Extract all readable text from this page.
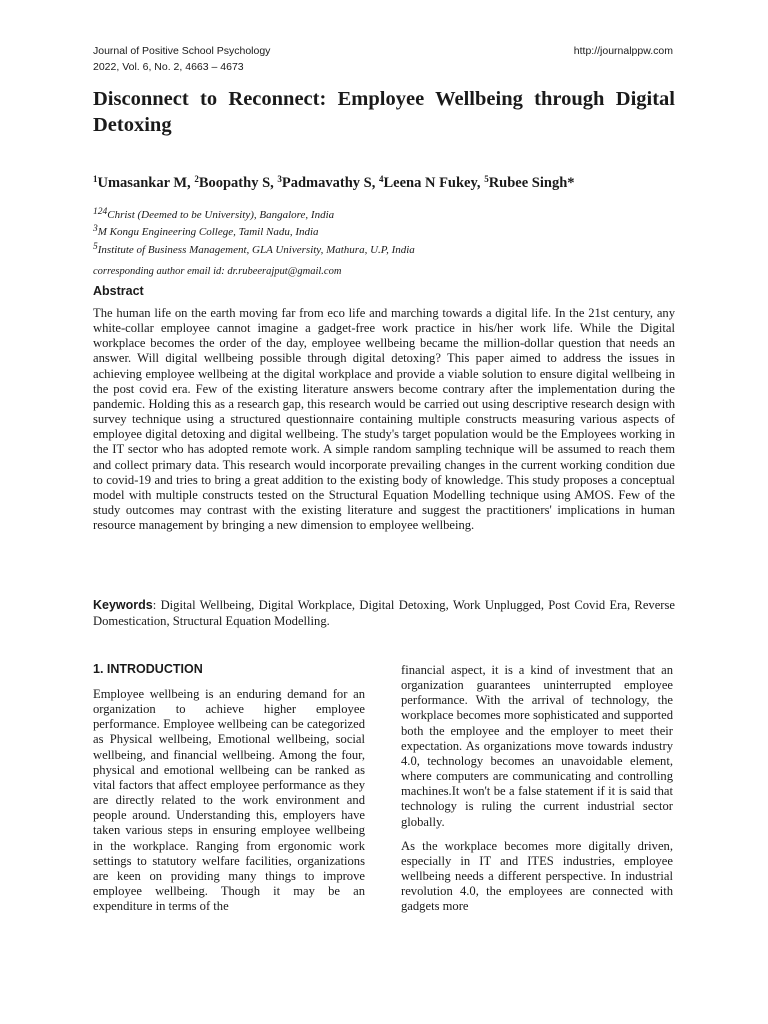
Journal of Positive School Psychology
2022, Vol. 6, No. 2, 4663 – 4673
http://journalppw.com
Disconnect to Reconnect: Employee Wellbeing through Digital Detoxing
$^1$Umasankar M, $^2$Boopathy S, $^3$Padmavathy S, $^4$Leena N Fukey, $^5$Rubee Singh*
$^{124}$Christ (Deemed to be University), Bangalore, India
$^3$M Kongu Engineering College, Tamil Nadu, India
$^5$Institute of Business Management, GLA University, Mathura, U.P, India
corresponding author email id: dr.rubeerajput@gmail.com
Abstract

The human life on the earth moving far from eco life and marching towards a digital life. In the 21st century, any white-collar employee cannot imagine a gadget-free work practice in his/her work life. While the Digital workplace becomes the order of the day, employee wellbeing became the million-dollar question that needs an answer. Will digital wellbeing possible through digital detoxing? This paper aimed to address the issues in achieving employee wellbeing at the digital workplace and provide a viable solution to ensure digital wellbeing in the post covid era. Few of the existing literature answers become contrary after the implementation during the pandemic. Holding this as a research gap, this research would be carried out using descriptive research design with survey technique using a structured questionnaire containing multiple constructs measuring various aspects of employee digital detoxing and digital wellbeing. The study's target population would be the Employees working in the IT sector who has adopted remote work. A simple random sampling technique will be assumed to reach them and collect primary data. This research would incorporate prevailing changes in the current working condition due to covid-19 and tries to bring a great addition to the existing body of knowledge. This study proposes a conceptual model with multiple constructs tested on the Structural Equation Modelling technique using AMOS. Few of the study outcomes may contrast with the existing literature and suggest the practitioners' implications in human resource management by bringing a new dimension to employee wellbeing.

Keywords: Digital Wellbeing, Digital Workplace, Digital Detoxing, Work Unplugged, Post Covid Era, Reverse Domestication, Structural Equation Modelling.

1. INTRODUCTION

Employee wellbeing is an enduring demand for an organization to achieve higher employee performance. Employee wellbeing can be categorized as Physical wellbeing, Emotional wellbeing, social wellbeing, and financial wellbeing. Among the four, physical and emotional wellbeing can be ranked as vital factors that affect employee performance as they are directly related to the work environment and people around. Understanding this, employers have taken various steps in ensuring employee wellbeing in the workplace. Ranging from ergonomic work settings to statutory welfare facilities, organizations are keen on providing many things to improve employee wellbeing. Though it may be an expenditure in terms of the

financial aspect, it is a kind of investment that an organization guarantees uninterrupted employee performance. With the arrival of technology, the workplace becomes more sophisticated and supported both the employee and the employer to meet their expectation. As organizations move towards industry 4.0, technology becomes an unavoidable element, where computers are communicating and controlling machines.It won't be a false statement if it is said that technology is ruling the current industrial sector globally.

As the workplace becomes more digitally driven, especially in IT and ITES industries, employee wellbeing needs a different perspective. In industrial revolution 4.0, the employees are connected with gadgets more
